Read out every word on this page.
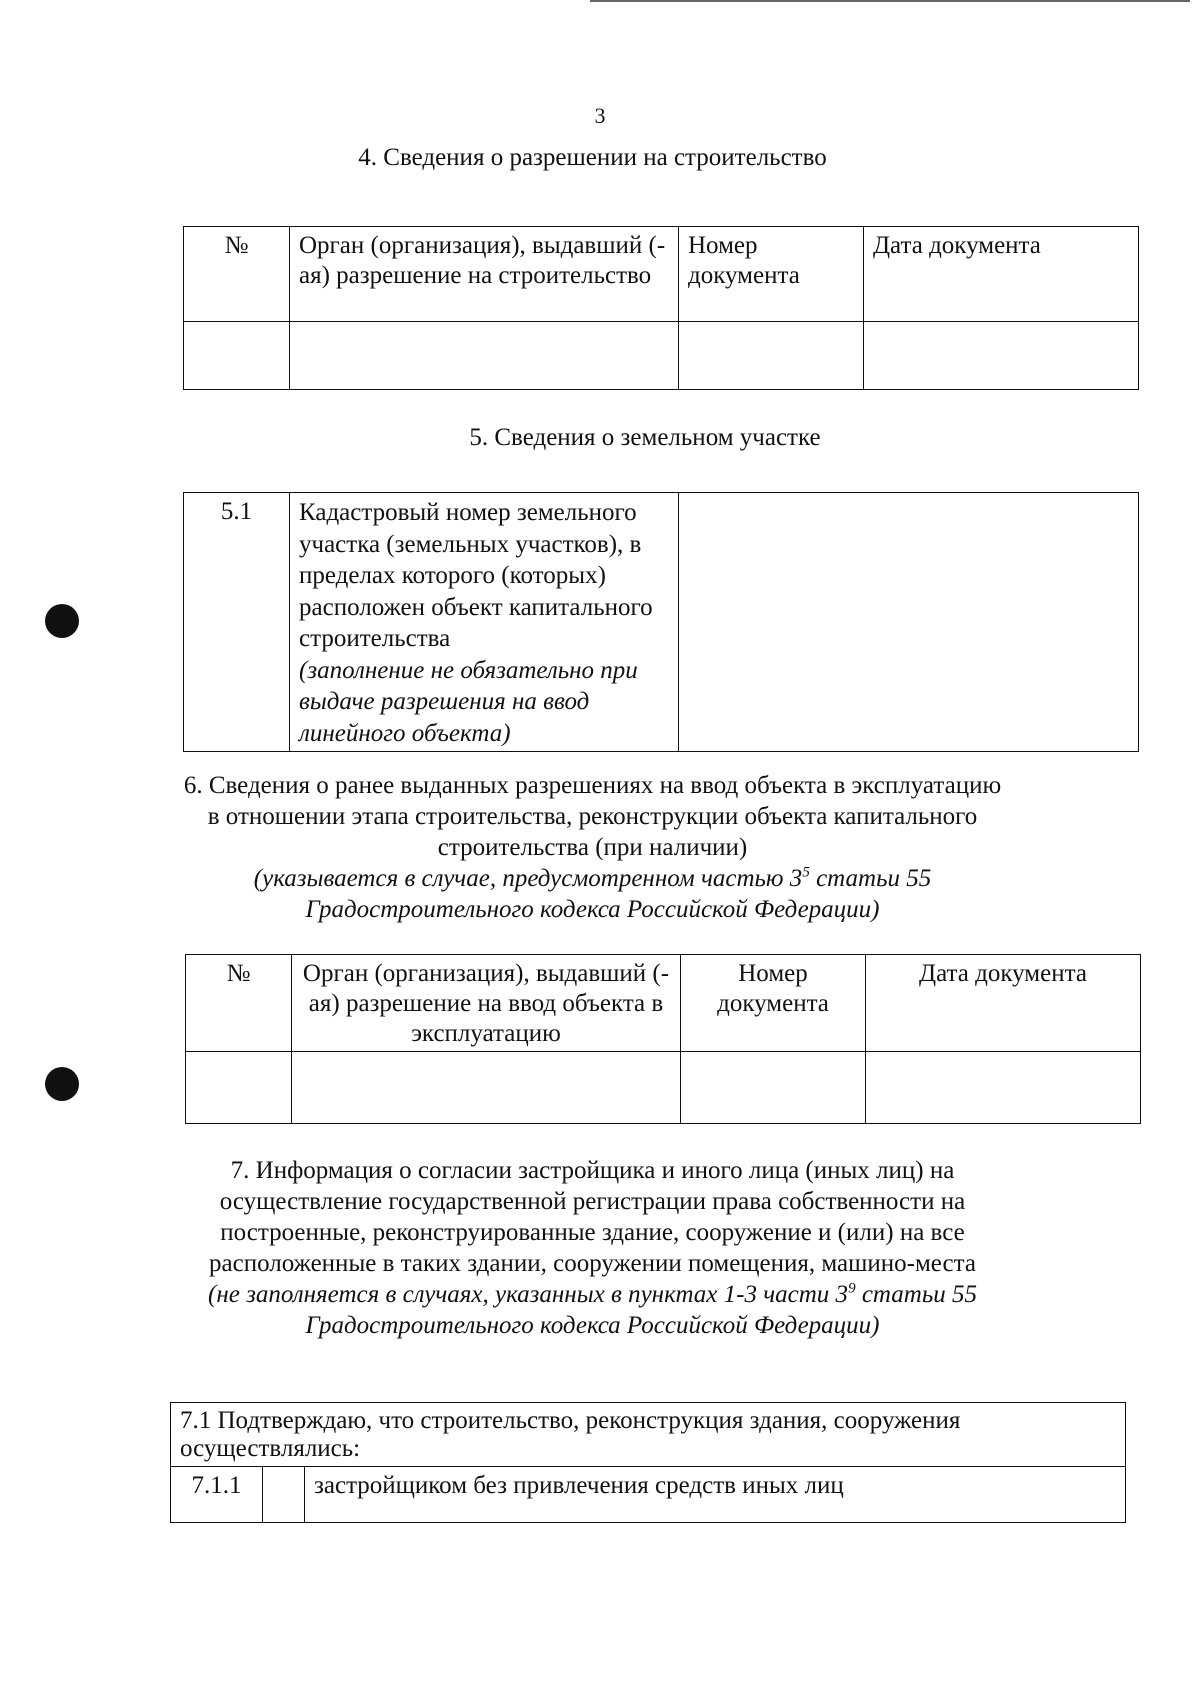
3
4. Сведения о разрешении на строительство
№	Орган (организация), выдавший (-ая) разрешение на строительство	Номер документа	Дата документа

5. Сведения о земельном участке
5.1	Кадастровый номер земельного участка (земельных участков), в пределах которого (которых) расположен объект капитального строительства
(заполнение не обязательно при выдаче разрешения на ввод линейного объекта)

6. Сведения о ранее выданных разрешениях на ввод объекта в эксплуатацию
в отношении этапа строительства, реконструкции объекта капитального
строительства (при наличии)
(указывается в случае, предусмотренном частью $3^5$ статьи 55
Градостроительного кодекса Российской Федерации)
№	Орган (организация), выдавший (-ая) разрешение на ввод объекта в эксплуатацию	Номер документа	Дата документа

7. Информация о согласии застройщика и иного лица (иных лиц) на
осуществление государственной регистрации права собственности на
построенные, реконструированные здание, сооружение и (или) на все
расположенные в таких здании, сооружении помещения, машино-места
(не заполняется в случаях, указанных в пунктах 1-3 части $3^9$ статьи 55
Градостроительного кодекса Российской Федерации)
7.1 Подтверждаю, что строительство, реконструкция здания, сооружения осуществлялись:
7.1.1		застройщиком без привлечения средств иных лиц
